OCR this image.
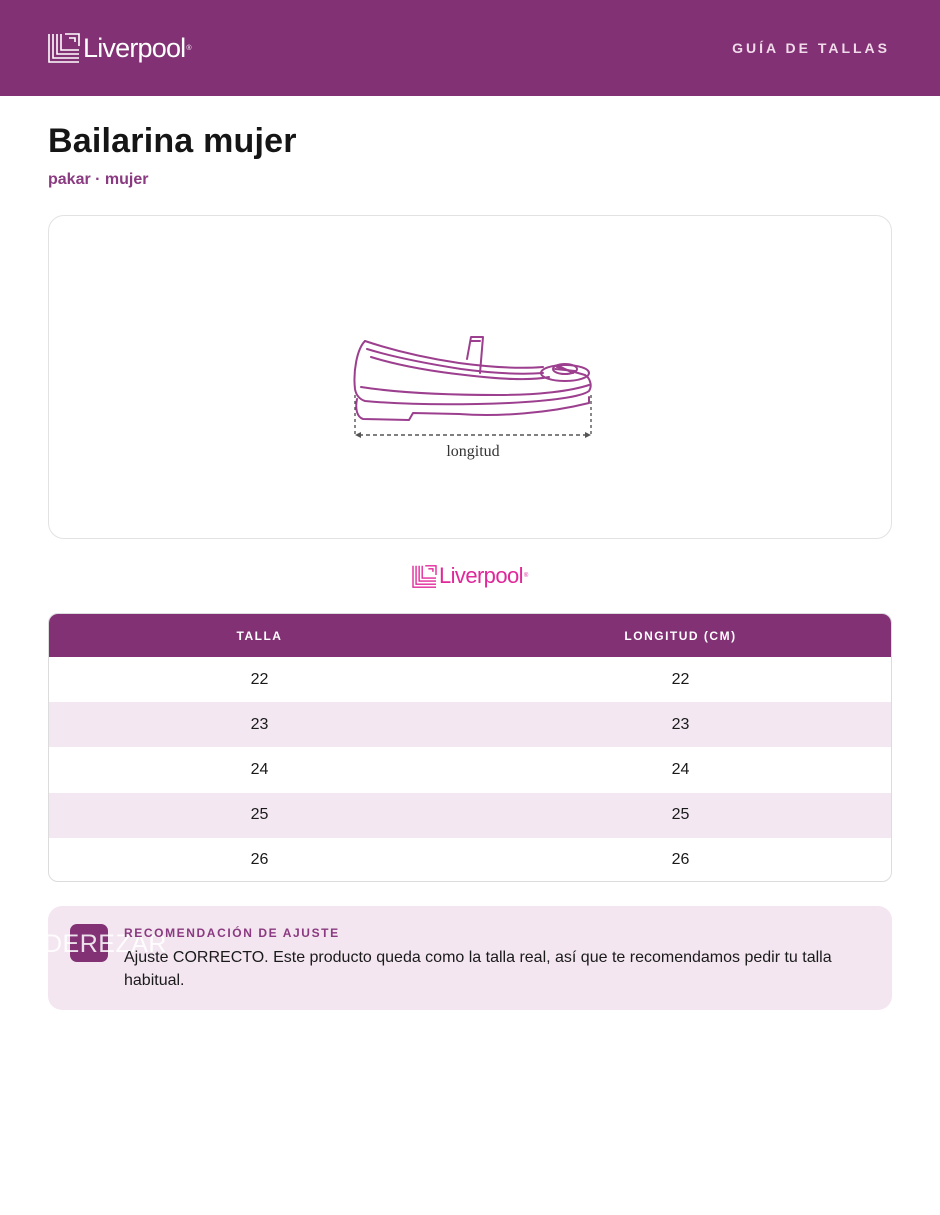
Liverpool ®	GUÍA DE TALLAS
Bailarina mujer
pakar · mujer
longitud
Liverpool ®
TALLA	LONGITUD (CM)
22	22
23	23
24	24
25	25
26	26
DEREZAR
RECOMENDACIÓN DE AJUSTE
Ajuste CORRECTO. Este producto queda como la talla real, así que te recomendamos pedir tu talla habitual.
